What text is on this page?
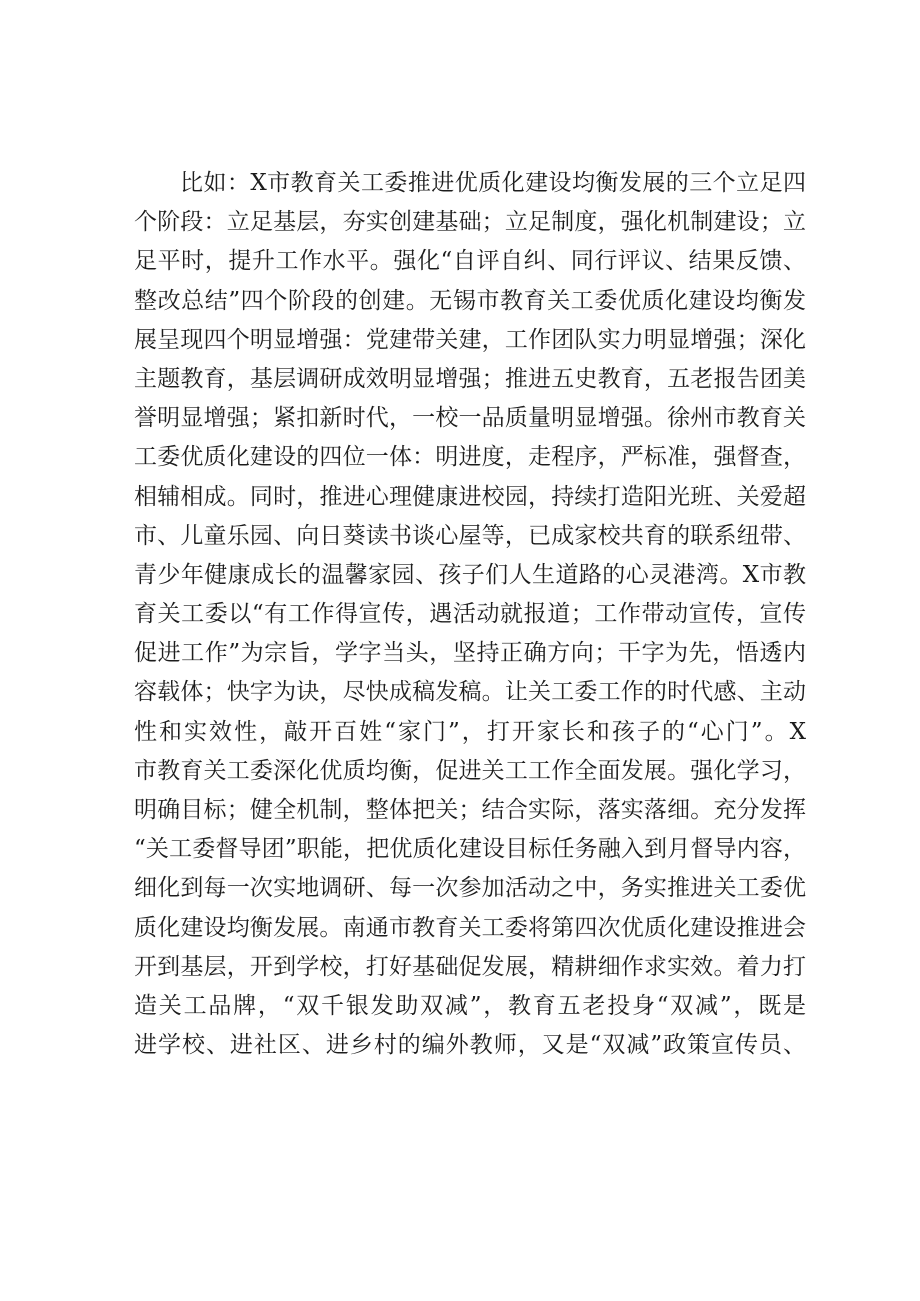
比如：X市教育关工委推进优质化建设均衡发展的三个立足四
个阶段：立足基层，夯实创建基础；立足制度，强化机制建设；立
足平时，提升工作水平。强化“自评自纠、同行评议、结果反馈、
整改总结”四个阶段的创建。无锡市教育关工委优质化建设均衡发
展呈现四个明显增强：党建带关建，工作团队实力明显增强；深化
主题教育，基层调研成效明显增强；推进五史教育，五老报告团美
誉明显增强；紧扣新时代，一校一品质量明显增强。徐州市教育关
工委优质化建设的四位一体：明进度，走程序，严标准，强督查，
相辅相成。同时，推进心理健康进校园，持续打造阳光班、关爱超
市、儿童乐园、向日葵读书谈心屋等，已成家校共育的联系纽带、
青少年健康成长的温馨家园、孩子们人生道路的心灵港湾。X市教
育关工委以“有工作得宣传，遇活动就报道；工作带动宣传，宣传
促进工作”为宗旨，学字当头，坚持正确方向；干字为先，悟透内
容载体；快字为诀，尽快成稿发稿。让关工委工作的时代感、主动
性和实效性，敲开百姓“家门”，打开家长和孩子的“心门”。X
市教育关工委深化优质均衡，促进关工工作全面发展。强化学习，
明确目标；健全机制，整体把关；结合实际，落实落细。充分发挥
“关工委督导团”职能，把优质化建设目标任务融入到月督导内容，
细化到每一次实地调研、每一次参加活动之中，务实推进关工委优
质化建设均衡发展。南通市教育关工委将第四次优质化建设推进会
开到基层，开到学校，打好基础促发展，精耕细作求实效。着力打
造关工品牌，“双千银发助双减”，教育五老投身“双减”，既是
进学校、进社区、进乡村的编外教师，又是“双减”政策宣传员、
